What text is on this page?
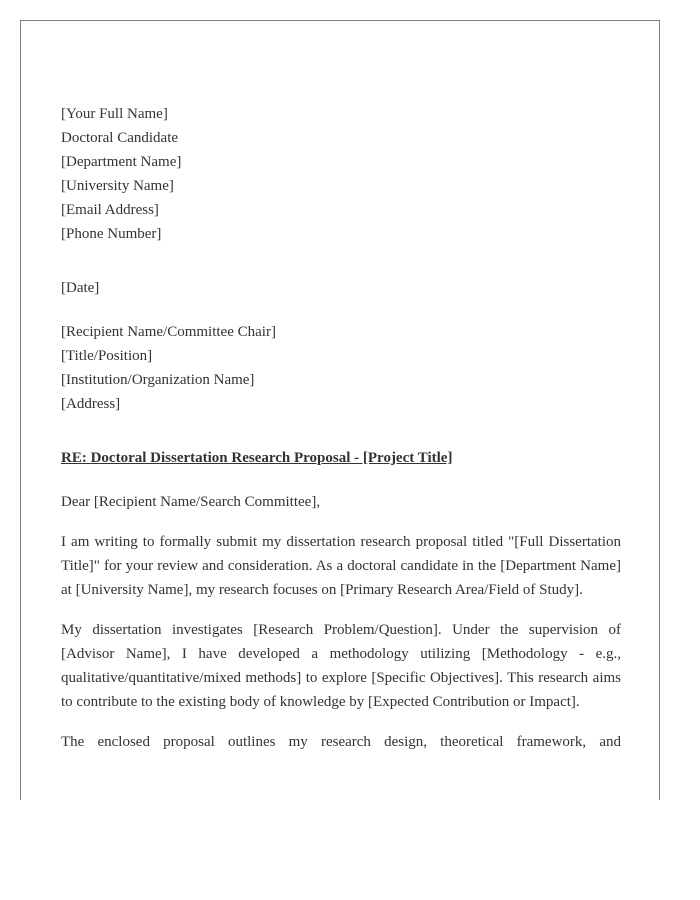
[Your Full Name]
Doctoral Candidate
[Department Name]
[University Name]
[Email Address]
[Phone Number]
[Date]
[Recipient Name/Committee Chair]
[Title/Position]
[Institution/Organization Name]
[Address]
RE: Doctoral Dissertation Research Proposal - [Project Title]
Dear [Recipient Name/Search Committee],

I am writing to formally submit my dissertation research proposal titled "[Full Dissertation Title]" for your review and consideration. As a doctoral candidate in the [Department Name] at [University Name], my research focuses on [Primary Research Area/Field of Study].

My dissertation investigates [Research Problem/Question]. Under the supervision of [Advisor Name], I have developed a methodology utilizing [Methodology - e.g., qualitative/quantitative/mixed methods] to explore [Specific Objectives]. This research aims to contribute to the existing body of knowledge by [Expected Contribution or Impact].

The enclosed proposal outlines my research design, theoretical framework, and
